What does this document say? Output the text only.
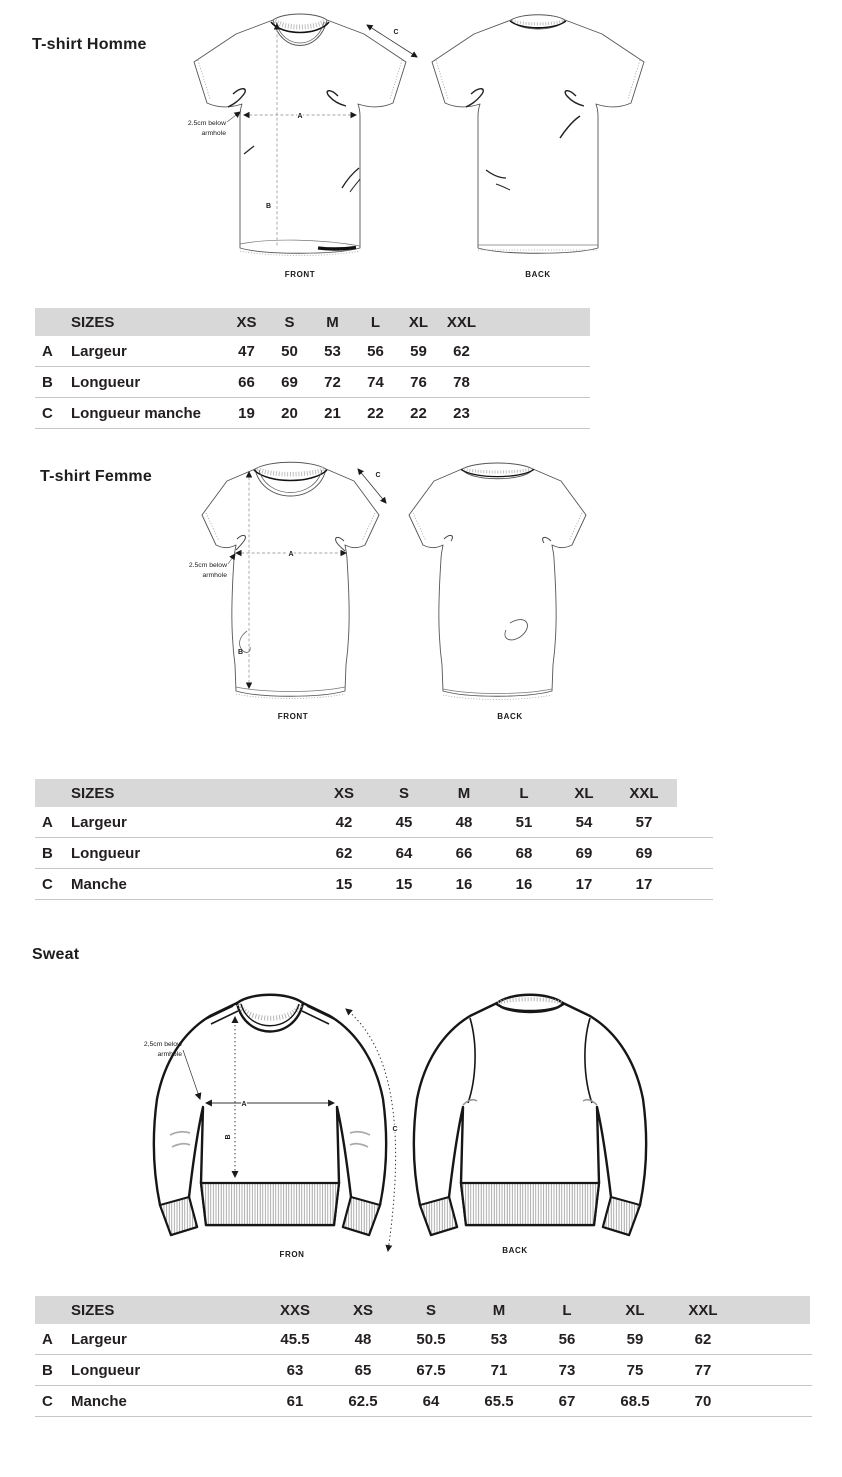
T-shirt Homme
A
B
C
2.5cm below
armhole
FRONT	BACK
SIZES	XS	S	M	L	XL	XXL
A	Largeur	47	50	53	56	59	62
B	Longueur	66	69	72	74	76	78
C	Longueur manche	19	20	21	22	22	23
T-shirt Femme
A
B
C
2.5cm below
armhole
FRONT	BACK
SIZES	XS	S	M	L	XL	XXL
A	Largeur	42	45	48	51	54	57
B	Longueur	62	64	66	68	69	69
C	Manche	15	15	16	16	17	17
Sweat
A
B
C
2,5cm below
armhole
FRON	BACK
SIZES	XXS	XS	S	M	L	XL	XXL
A	Largeur	45.5	48	50.5	53	56	59	62
B	Longueur	63	65	67.5	71	73	75	77
C	Manche	61	62.5	64	65.5	67	68.5	70
